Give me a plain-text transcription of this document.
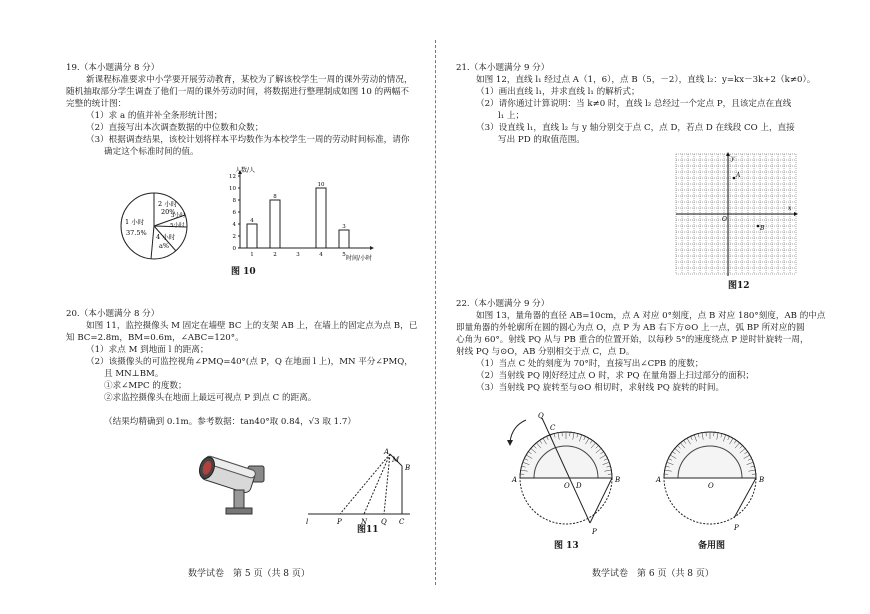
19.（本小题满分 8 分）
新课程标准要求中小学要开展劳动教育，某校为了解该校学生一周的课外劳动的情况，
随机抽取部分学生调查了他们一周的课外劳动时间，将数据进行整理制成如图 10 的两幅不
完整的统计图：
（1）求 a 的值并补全条形统计图；
（2）直接写出本次调查数据的中位数和众数；
（3）根据调查结果，该校计划将样本平均数作为本校学生一周的劳动时间标准，请你
确定这个标准时间的值。
2 小时
20%
3小时
5小时
4 小时
a%
1 小时
37.5%
0
2
4
6
8
10
12
1	2	3	4	5
4
8
10
3
人数/人
时间/小时
图 10
20.（本小题满分 8 分）
如图 11，监控摄像头 M 固定在墙壁 BC 上的支架 AB 上，在墙上的固定点为点 B，已
知 BC=2.8m，BM=0.6m，∠ABC=120°。
（1）求点 M 到地面 l 的距离；
（2）该摄像头的可监控视角∠PMQ=40°(点 P，Q 在地面 l 上)，MN 平分∠PMQ，
且 MN⊥BM。
①求∠MPC 的度数；
②求监控摄像头在地面上最远可视点 P 到点 C 的距离。
（结果均精确到 0.1m。参考数据：tan40°取 0.84，√3 取 1.7）
A
M
B
l	P	N Q C
图11
数学试卷　第 5 页（共 8 页）
21.（本小题满分 9 分）
如图 12，直线 l₁ 经过点 A（1，6），点 B（5，－2），直线 l₂：y=kx－3k+2（k≠0）。
（1）画出直线 l₁，并求直线 l₁ 的解析式；
（2）请你通过计算说明：当 k≠0 时，直线 l₂ 总经过一个定点 P，且该定点在直线
l₁ 上；
（3）设直线 l₁，直线 l₂ 与 y 轴分别交于点 C，点 D，若点 D 在线段 CO 上，直接
写出 PD 的取值范围。
y
x
O
A
B
图12
22.（本小题满分 9 分）
如图 13，量角器的直径 AB=10cm，点 A 对应 0°刻度，点 B 对应 180°刻度，AB 的中点
即量角器的外轮廓所在圆的圆心为点 O，点 P 为 AB 右下方⊙O 上一点，弧 BP 所对应的圆
心角为 60°。射线 PQ 从与 PB 重合的位置开始，以每秒 5°的速度绕点 P 逆时针旋转一周，
射线 PQ 与⊙O，AB 分别相交于点 C，点 D。
（1）当点 C 处的刻度为 70°时，直接写出∠CPB 的度数；
（2）当射线 PQ 刚好经过点 O 时，求 PQ 在量角器上扫过部分的面积；
（3）当射线 PQ 旋转至与⊙O 相切时，求射线 PQ 旋转的时间。
Q
C
A
O D
B
P
图 13
A
O
B
P
备用图
数学试卷　第 6 页（共 8 页）
